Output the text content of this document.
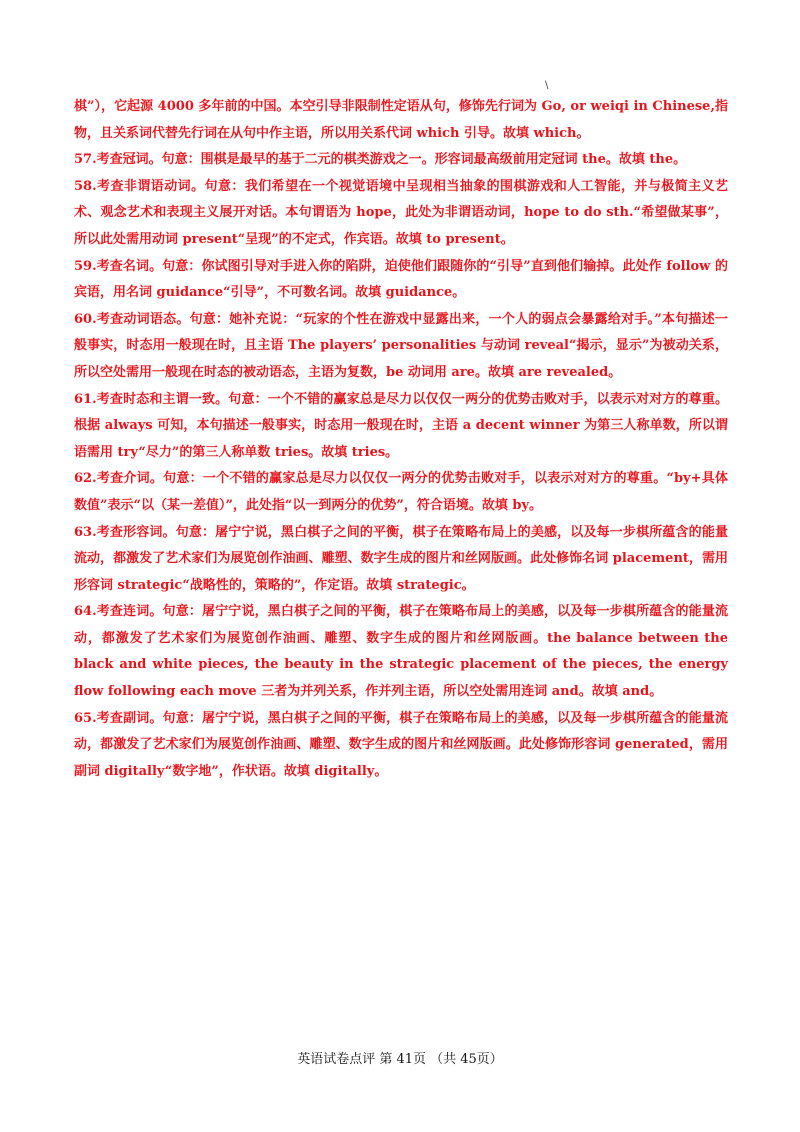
\

棋”），它起源 4000 多年前的中国。本空引导非限制性定语从句，修饰先行词为 Go, or weiqi in Chinese,指物，且关系词代替先行词在从句中作主语，所以用关系代词 which 引导。故填 which。

57.考查冠词。句意：围棋是最早的基于二元的棋类游戏之一。形容词最高级前用定冠词 the。故填 the。

58.考查非谓语动词。句意：我们希望在一个视觉语境中呈现相当抽象的围棋游戏和人工智能，并与极简主义艺术、观念艺术和表现主义展开对话。本句谓语为 hope，此处为非谓语动词，hope to do sth.“希望做某事”，所以此处需用动词 present“呈现”的不定式，作宾语。故填 to present。

59.考查名词。句意：你试图引导对手进入你的陷阱，迫使他们跟随你的“引导”直到他们输掉。此处作 follow 的宾语，用名词 guidance“引导”，不可数名词。故填 guidance。

60.考查动词语态。句意：她补充说：“玩家的个性在游戏中显露出来，一个人的弱点会暴露给对手。”本句描述一般事实，时态用一般现在时，且主语 The players’ personalities 与动词 reveal“揭示，显示”为被动关系，所以空处需用一般现在时态的被动语态，主语为复数，be 动词用 are。故填 are revealed。

61.考查时态和主谓一致。句意：一个不错的赢家总是尽力以仅仅一两分的优势击败对手，以表示对对方的尊重。根据 always 可知，本句描述一般事实，时态用一般现在时，主语 a decent winner 为第三人称单数，所以谓语需用 try“尽力”的第三人称单数 tries。故填 tries。

62.考查介词。句意：一个不错的赢家总是尽力以仅仅一两分的优势击败对手，以表示对对方的尊重。“by+具体数值”表示“以（某一差值）”，此处指“以一到两分的优势”，符合语境。故填 by。

63.考查形容词。句意：屠宁宁说，黑白棋子之间的平衡，棋子在策略布局上的美感，以及每一步棋所蕴含的能量流动，都激发了艺术家们为展览创作油画、雕塑、数字生成的图片和丝网版画。此处修饰名词 placement，需用形容词 strategic“战略性的，策略的”，作定语。故填 strategic。

64.考查连词。句意：屠宁宁说，黑白棋子之间的平衡，棋子在策略布局上的美感，以及每一步棋所蕴含的能量流动，都激发了艺术家们为展览创作油画、雕塑、数字生成的图片和丝网版画。the balance between the black and white pieces, the beauty in the strategic placement of the pieces, the energy flow following each move 三者为并列关系，作并列主语，所以空处需用连词 and。故填 and。

65.考查副词。句意：屠宁宁说，黑白棋子之间的平衡，棋子在策略布局上的美感，以及每一步棋所蕴含的能量流动，都激发了艺术家们为展览创作油画、雕塑、数字生成的图片和丝网版画。此处修饰形容词 generated，需用副词 digitally“数字地”，作状语。故填 digitally。

英语试卷点评 第 41页 （共 45页）
